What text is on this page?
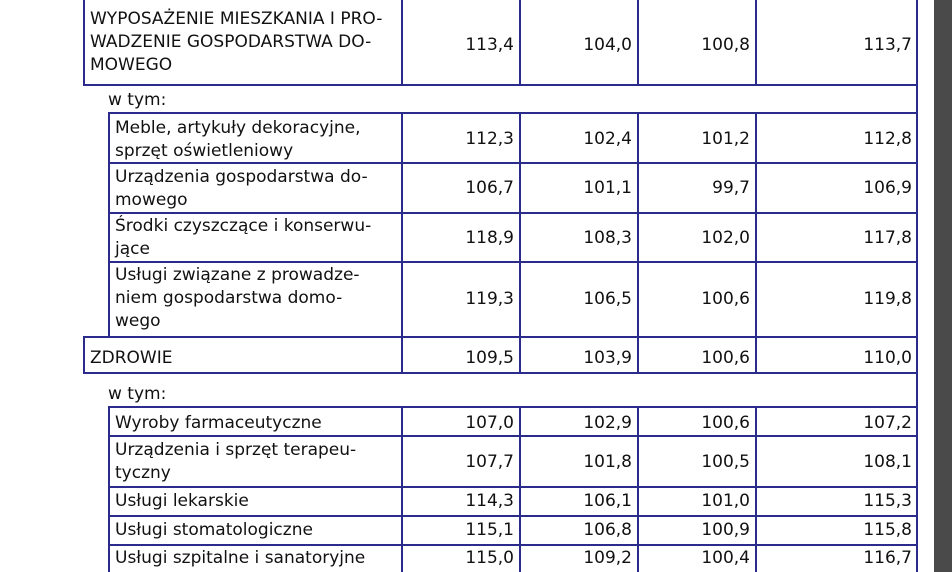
WYPOSAŻENIE MIESZKANIA I PRO-
WADZENIE GOSPODARSTWA DO-
MOWEGO
113,4	104,0	100,8	113,7
w tym:
Meble, artykuły dekoracyjne,
sprzęt oświetleniowy
112,3	102,4	101,2	112,8
Urządzenia gospodarstwa do-
mowego
106,7	101,1	99,7	106,9
Środki czyszczące i konserwu-
jące
118,9	108,3	102,0	117,8
Usługi związane z prowadze-
niem gospodarstwa domo-
wego
119,3	106,5	100,6	119,8
ZDROWIE	109,5	103,9	100,6	110,0
w tym:
Wyroby farmaceutyczne	107,0	102,9	100,6	107,2
Urządzenia i sprzęt terapeu-
tyczny
107,7	101,8	100,5	108,1
Usługi lekarskie	114,3	106,1	101,0	115,3
Usługi stomatologiczne	115,1	106,8	100,9	115,8
Usługi szpitalne i sanatoryjne	115,0	109,2	100,4	116,7
